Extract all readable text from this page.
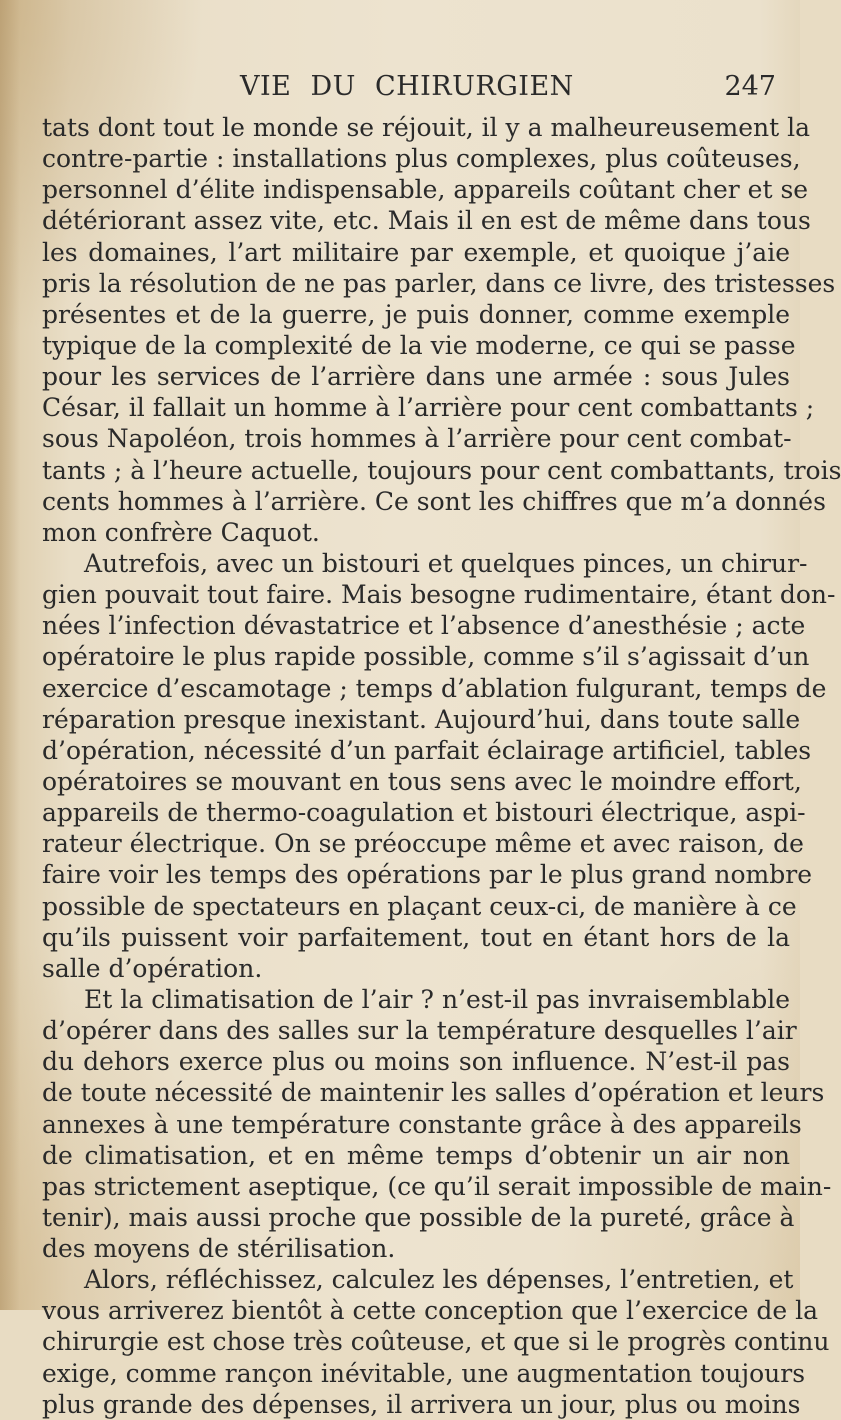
VIE DU CHIRURGIEN	247
tats dont tout le monde se réjouit, il y a malheureusement la
contre-partie : installations plus complexes, plus coûteuses,
personnel d’élite indispensable, appareils coûtant cher et se
détériorant assez vite, etc. Mais il en est de même dans tous
les domaines, l’art militaire par exemple, et quoique j’aie
pris la résolution de ne pas parler, dans ce livre, des tristesses
présentes et de la guerre, je puis donner, comme exemple
typique de la complexité de la vie moderne, ce qui se passe
pour les services de l’arrière dans une armée : sous Jules
César, il fallait un homme à l’arrière pour cent combattants ;
sous Napoléon, trois hommes à l’arrière pour cent combat-
tants ; à l’heure actuelle, toujours pour cent combattants, trois
cents hommes à l’arrière. Ce sont les chiffres que m’a donnés
mon confrère Caquot.
Autrefois, avec un bistouri et quelques pinces, un chirur-
gien pouvait tout faire. Mais besogne rudimentaire, étant don-
nées l’infection dévastatrice et l’absence d’anesthésie ; acte
opératoire le plus rapide possible, comme s’il s’agissait d’un
exercice d’escamotage ; temps d’ablation fulgurant, temps de
réparation presque inexistant. Aujourd’hui, dans toute salle
d’opération, nécessité d’un parfait éclairage artificiel, tables
opératoires se mouvant en tous sens avec le moindre effort,
appareils de thermo-coagulation et bistouri électrique, aspi-
rateur électrique. On se préoccupe même et avec raison, de
faire voir les temps des opérations par le plus grand nombre
possible de spectateurs en plaçant ceux-ci, de manière à ce
qu’ils puissent voir parfaitement, tout en étant hors de la
salle d’opération.
Et la climatisation de l’air ? n’est-il pas invraisemblable
d’opérer dans des salles sur la température desquelles l’air
du dehors exerce plus ou moins son influence. N’est-il pas
de toute nécessité de maintenir les salles d’opération et leurs
annexes à une température constante grâce à des appareils
de climatisation, et en même temps d’obtenir un air non
pas strictement aseptique, (ce qu’il serait impossible de main-
tenir), mais aussi proche que possible de la pureté, grâce à
des moyens de stérilisation.
Alors, réfléchissez, calculez les dépenses, l’entretien, et
vous arriverez bientôt à cette conception que l’exercice de la
chirurgie est chose très coûteuse, et que si le progrès continu
exige, comme rançon inévitable, une augmentation toujours
plus grande des dépenses, il arrivera un jour, plus ou moins
